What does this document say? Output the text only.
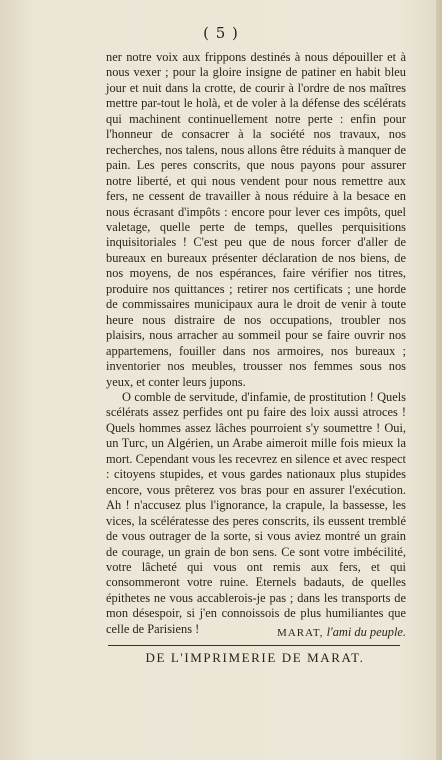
( 5 )

ner notre voix aux frippons destinés à nous dépouiller et à nous vexer ; pour la gloire insigne de patiner en habit bleu jour et nuit dans la crotte, de courir à l'ordre de nos maîtres mettre par-tout le holà, et de voler à la défense des scélérats qui machinent continuellement notre perte : enfin pour l'honneur de consacrer à la société nos travaux, nos recherches, nos talens, nous allons être réduits à manquer de pain. Les peres conscrits, que nous payons pour assurer notre liberté, et qui nous vendent pour nous remettre aux fers, ne cessent de travailler à nous réduire à la besace en nous écrasant d'impôts : encore pour lever ces impôts, quel valetage, quelle perte de temps, quelles perquisitions inquisitoriales ! C'est peu que de nous forcer d'aller de bureaux en bureaux présenter déclaration de nos biens, de nos moyens, de nos espérances, faire vérifier nos titres, produire nos quittances ; retirer nos certificats ; une horde de commissaires municipaux aura le droit de venir à toute heure nous distraire de nos occupations, troubler nos plaisirs, nous arracher au sommeil pour se faire ouvrir nos appartemens, fouiller dans nos armoires, nos bureaux ; inventorier nos meubles, trousser nos femmes sous nos yeux, et conter leurs jupons.

O comble de servitude, d'infamie, de prostitution ! Quels scélérats assez perfides ont pu faire des loix aussi atroces ! Quels hommes assez lâches pourroient s'y soumettre ! Oui, un Turc, un Algérien, un Arabe aimeroit mille fois mieux la mort. Cependant vous les recevrez en silence et avec respect : citoyens stupides, et vous gardes nationaux plus stupides encore, vous prêterez vos bras pour en assurer l'exécution. Ah ! n'accusez plus l'ignorance, la crapule, la bassesse, les vices, la scélératesse des peres conscrits, ils eussent tremblé de vous outrager de la sorte, si vous aviez montré un grain de courage, un grain de bon sens. Ce sont votre imbécilité, votre lâcheté qui vous ont remis aux fers, et qui consommeront votre ruine. Eternels badauts, de quelles épithetes ne vous accablerois-je pas ; dans les transports de mon désespoir, si j'en connoissois de plus humiliantes que celle de Parisiens !	MARAT, l'ami du peuple.
DE L'IMPRIMERIE DE MARAT.
